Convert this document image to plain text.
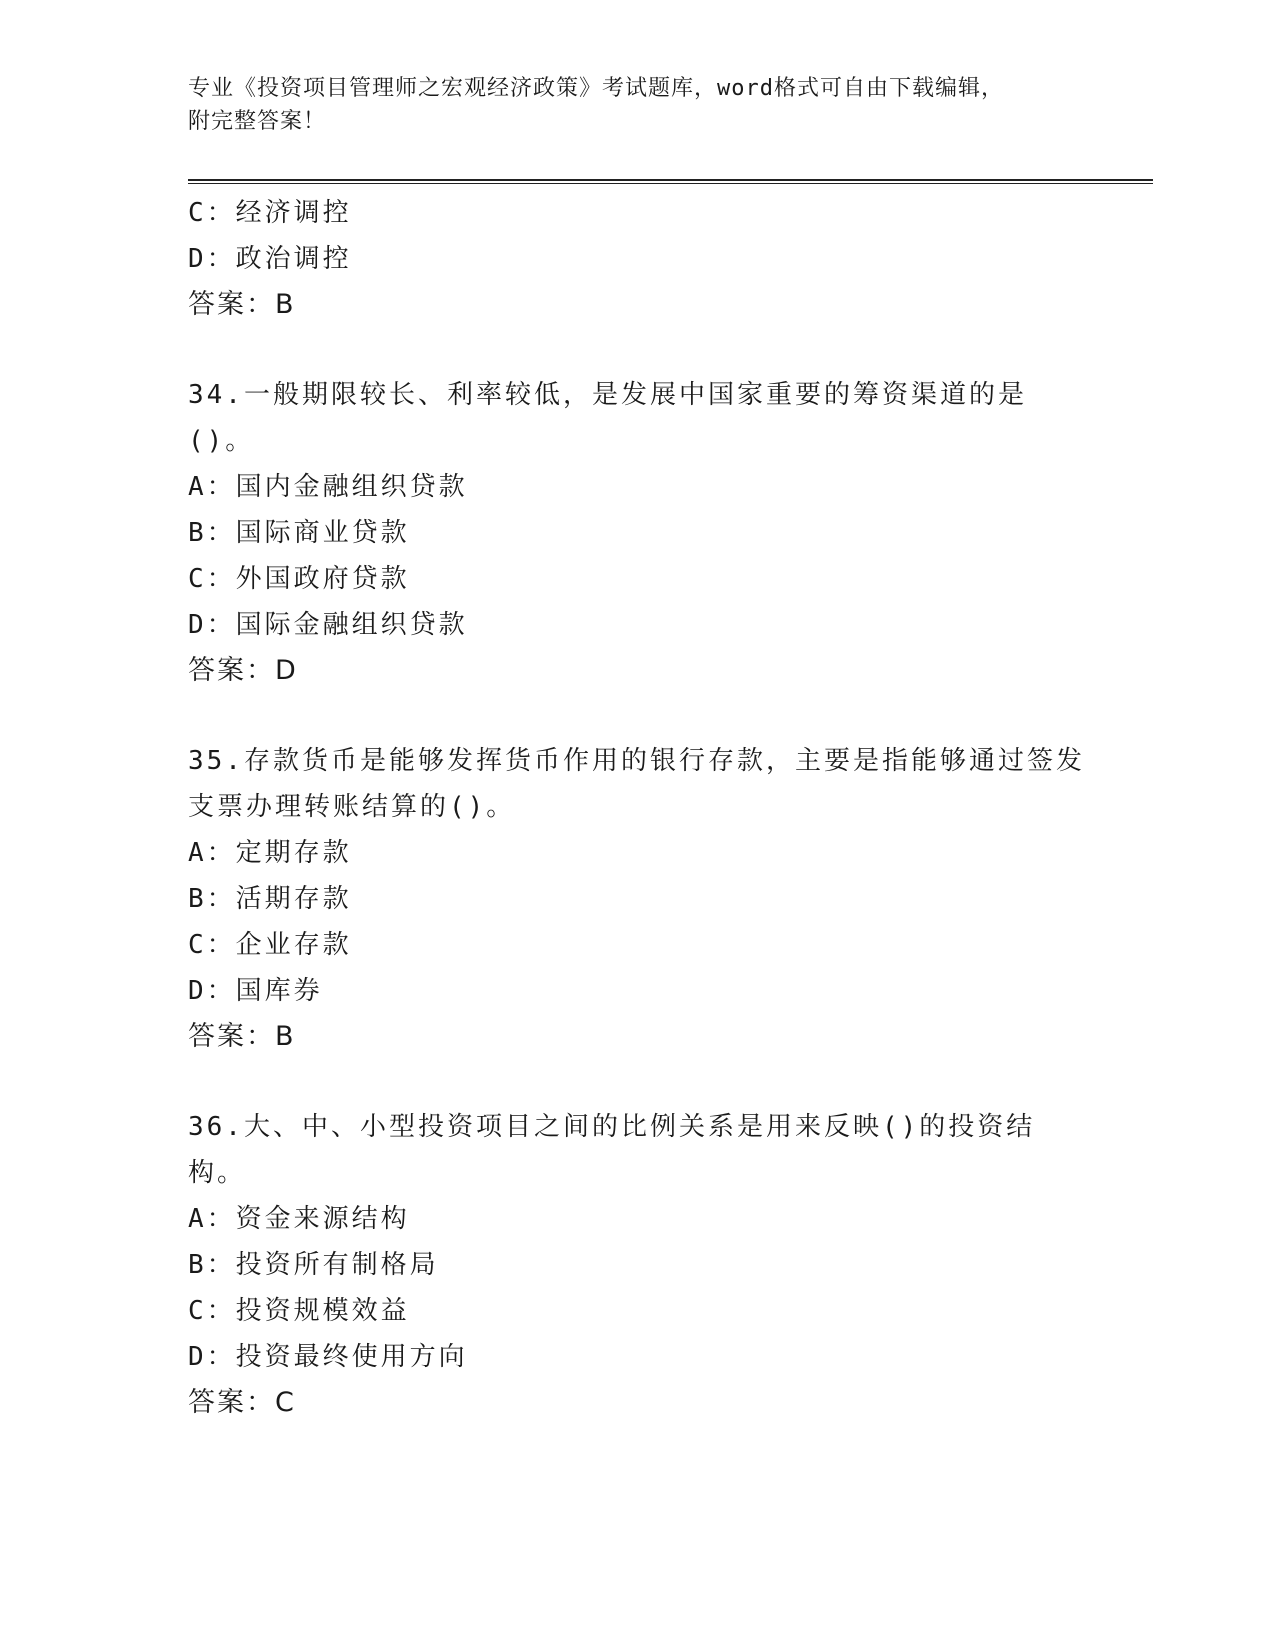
专业《投资项目管理师之宏观经济政策》考试题库，word格式可自由下载编辑，
附完整答案！
C：经济调控
D：政治调控
答案：B
34.一般期限较长、利率较低，是发展中国家重要的筹资渠道的是()。
A：国内金融组织贷款
B：国际商业贷款
C：外国政府贷款
D：国际金融组织贷款
答案：D
35.存款货币是能够发挥货币作用的银行存款，主要是指能够通过签发
支票办理转账结算的()。
A：定期存款
B：活期存款
C：企业存款
D：国库券
答案：B
36.大、中、小型投资项目之间的比例关系是用来反映()的投资结构。
A：资金来源结构
B：投资所有制格局
C：投资规模效益
D：投资最终使用方向
答案：C
